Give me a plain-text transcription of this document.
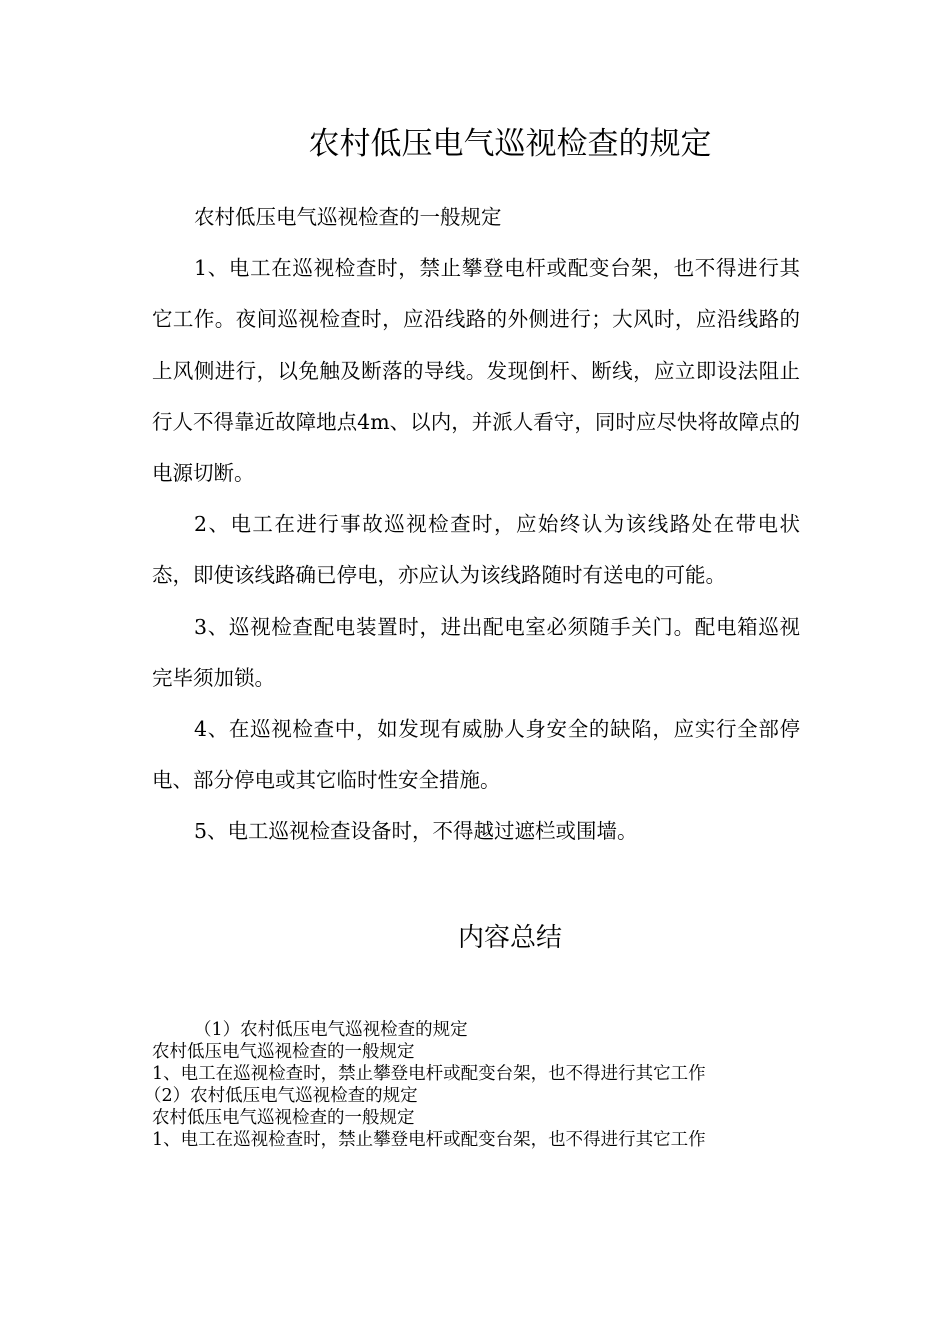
农村低压电气巡视检查的规定

农村低压电气巡视检查的一般规定

1、电工在巡视检查时，禁止攀登电杆或配变台架，也不得进行其它工作。夜间巡视检查时，应沿线路的外侧进行；大风时，应沿线路的上风侧进行，以免触及断落的导线。发现倒杆、断线，应立即设法阻止行人不得靠近故障地点4m、以内，并派人看守，同时应尽快将故障点的电源切断。

2、电工在进行事故巡视检查时，应始终认为该线路处在带电状态，即使该线路确已停电，亦应认为该线路随时有送电的可能。

3、巡视检查配电装置时，进出配电室必须随手关门。配电箱巡视完毕须加锁。

4、在巡视检查中，如发现有威胁人身安全的缺陷，应实行全部停电、部分停电或其它临时性安全措施。

5、电工巡视检查设备时，不得越过遮栏或围墙。

内容总结
（1）农村低压电气巡视检查的规定
农村低压电气巡视检查的一般规定
1、电工在巡视检查时，禁止攀登电杆或配变台架，也不得进行其它工作
（2）农村低压电气巡视检查的规定
农村低压电气巡视检查的一般规定
1、电工在巡视检查时，禁止攀登电杆或配变台架，也不得进行其它工作
